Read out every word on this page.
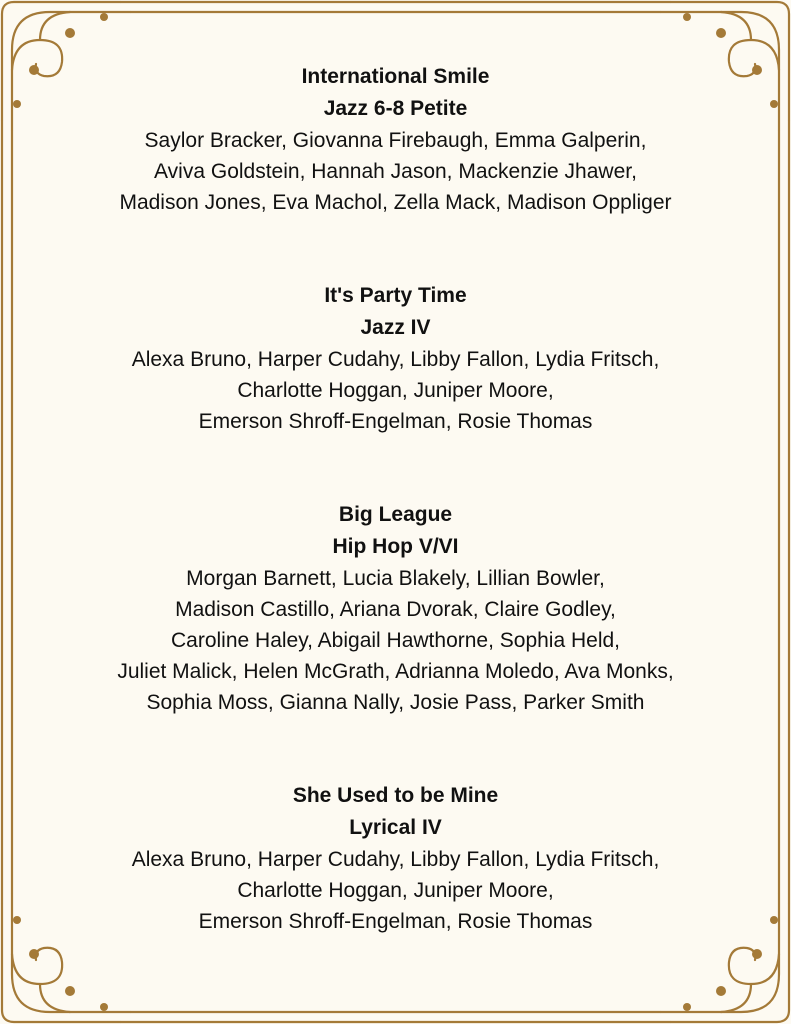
International Smile

Jazz 6-8 Petite

Saylor Bracker, Giovanna Firebaugh, Emma Galperin,

Aviva Goldstein, Hannah Jason, Mackenzie Jhawer,

Madison Jones, Eva Machol, Zella Mack, Madison Oppliger

It's Party Time

Jazz IV

Alexa Bruno, Harper Cudahy, Libby Fallon, Lydia Fritsch,

Charlotte Hoggan, Juniper Moore,

Emerson Shroff-Engelman, Rosie Thomas

Big League

Hip Hop V/VI

Morgan Barnett, Lucia Blakely, Lillian Bowler,

Madison Castillo, Ariana Dvorak, Claire Godley,

Caroline Haley, Abigail Hawthorne, Sophia Held,

Juliet Malick, Helen McGrath, Adrianna Moledo, Ava Monks,

Sophia Moss, Gianna Nally, Josie Pass, Parker Smith

She Used to be Mine

Lyrical IV

Alexa Bruno, Harper Cudahy, Libby Fallon, Lydia Fritsch,

Charlotte Hoggan, Juniper Moore,

Emerson Shroff-Engelman, Rosie Thomas
